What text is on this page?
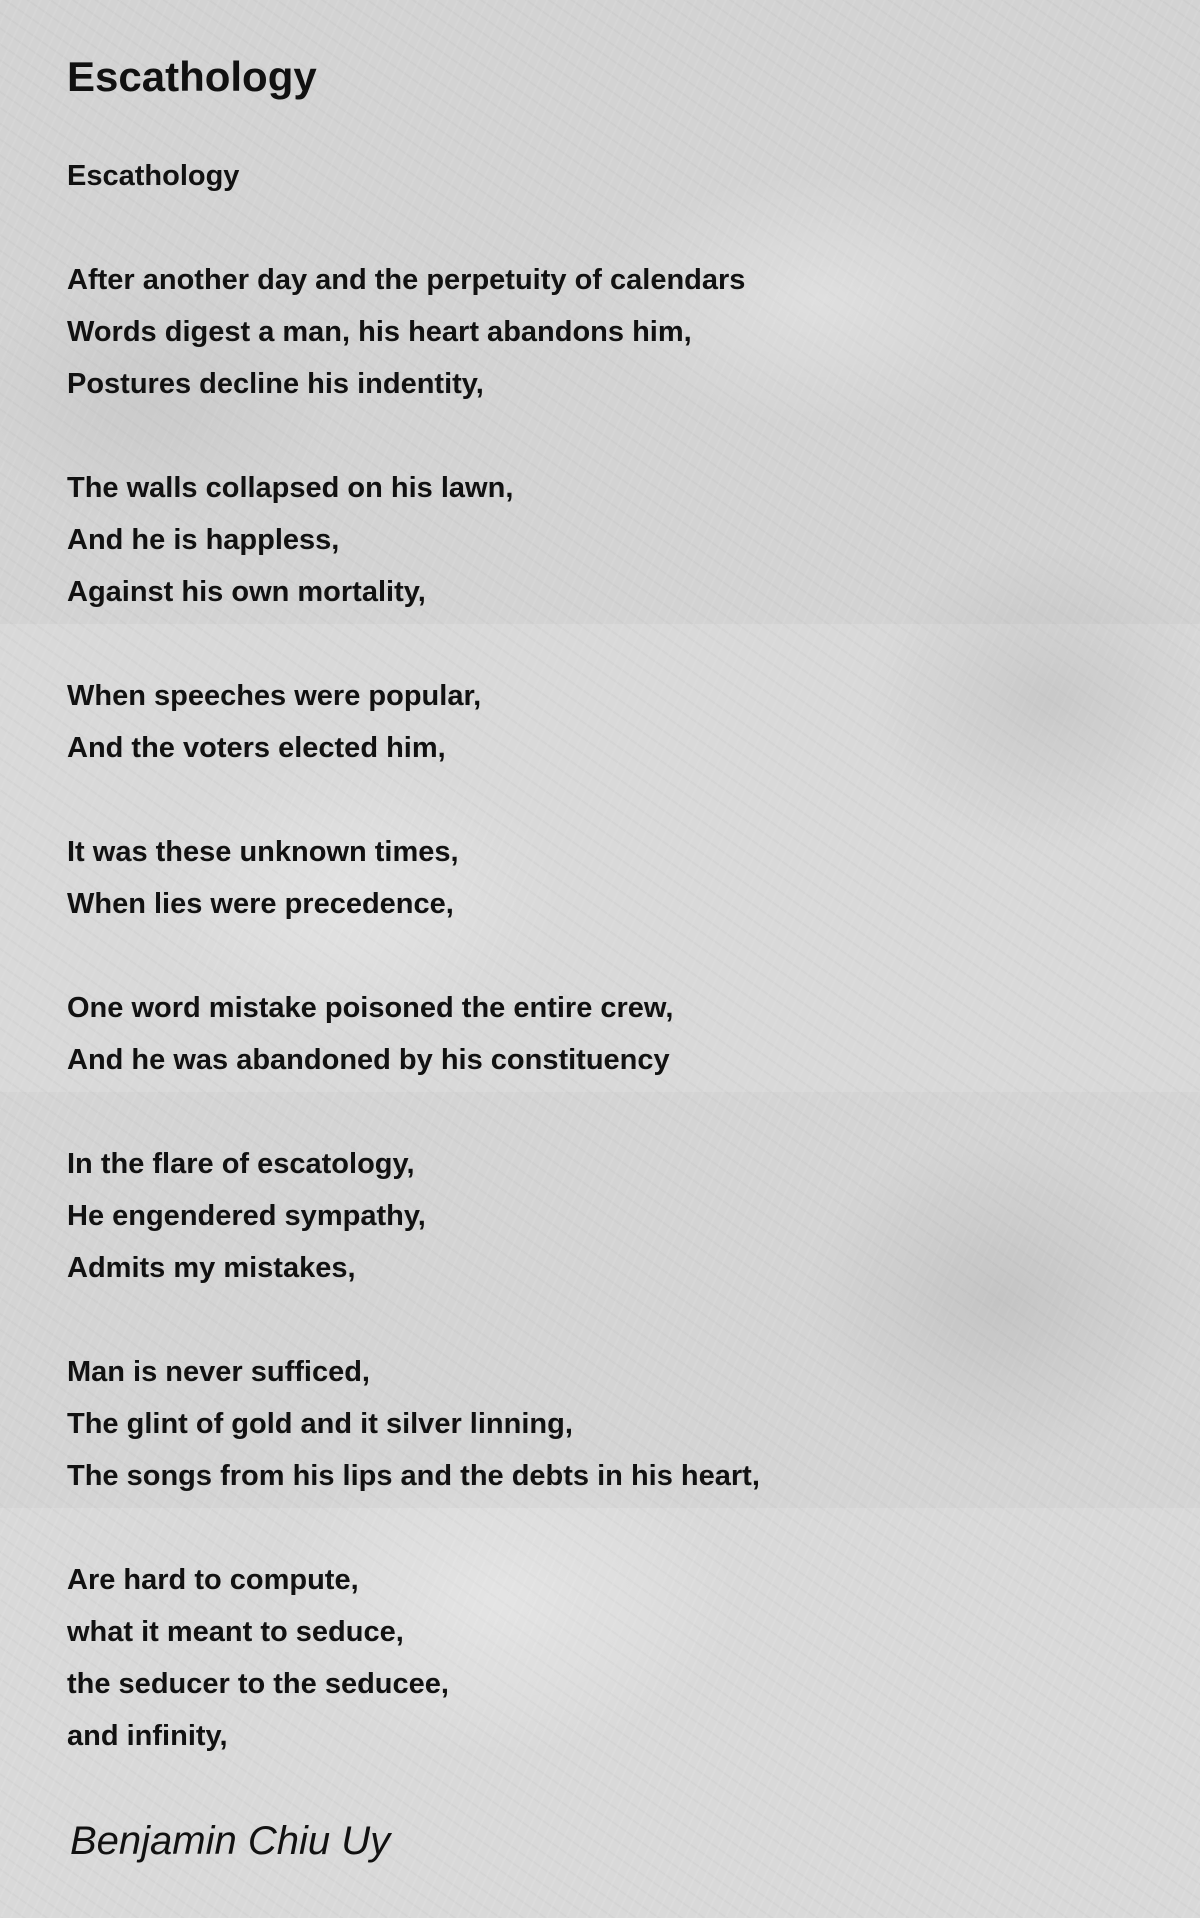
Escathology
Escathology
After another day and the perpetuity of calendars
Words digest a man, his heart abandons him,
Postures decline his indentity,
The walls collapsed on his lawn,
And he is happless,
Against his own mortality,
When speeches were popular,
And the voters elected him,
It was these unknown times,
When lies were precedence,
One word mistake poisoned the entire crew,
And he was abandoned by his constituency
In the flare of escatology,
He engendered sympathy,
Admits my mistakes,
Man is never sufficed,
The glint of gold and it silver linning,
The songs from his lips and the debts in his heart,
Are hard to compute,
what it meant to seduce,
the seducer to the seducee,
and infinity,
Benjamin Chiu Uy
